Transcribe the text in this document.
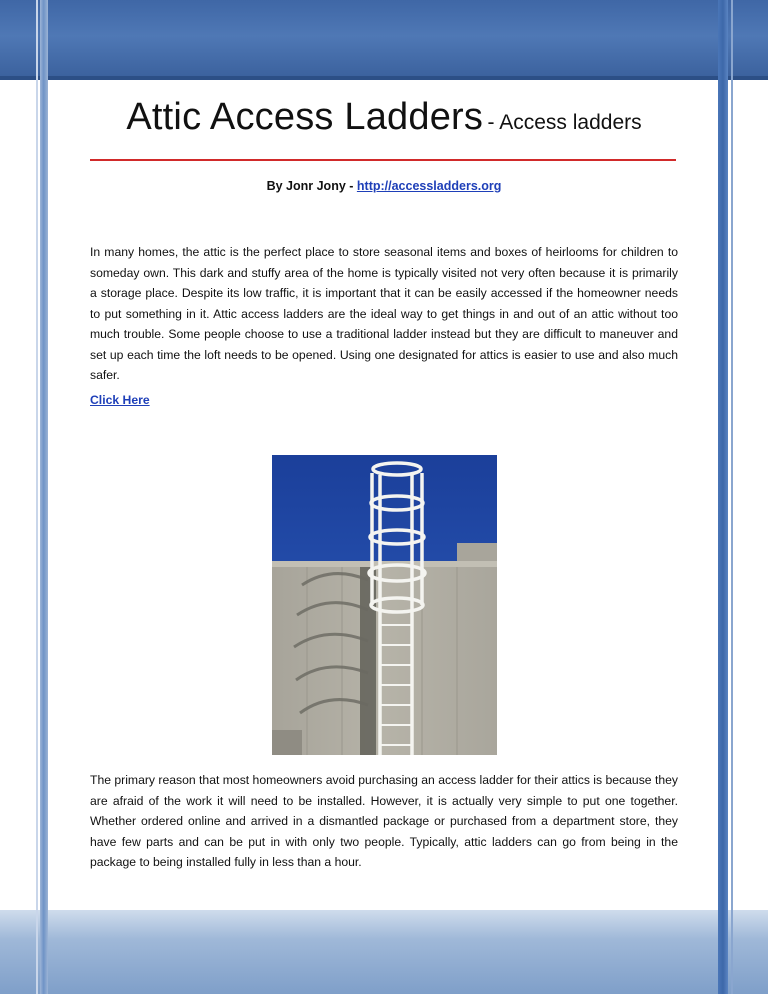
Attic Access Ladders - Access ladders
By Jonr Jony - http://accessladders.org

In many homes, the attic is the perfect place to store seasonal items and boxes of heirlooms for children to someday own. This dark and stuffy area of the home is typically visited not very often because it is primarily a storage place. Despite its low traffic, it is important that it can be easily accessed if the homeowner needs to put something in it. Attic access ladders are the ideal way to get things in and out of an attic without too much trouble. Some people choose to use a traditional ladder instead but they are difficult to maneuver and set up each time the loft needs to be opened. Using one designated for attics is easier to use and also much safer.

Click Here

The primary reason that most homeowners avoid purchasing an access ladder for their attics is because they are afraid of the work it will need to be installed. However, it is actually very simple to put one together. Whether ordered online and arrived in a dismantled package or purchased from a department store, they have few parts and can be put in with only two people. Typically, attic ladders can go from being in the package to being installed fully in less than a hour.
